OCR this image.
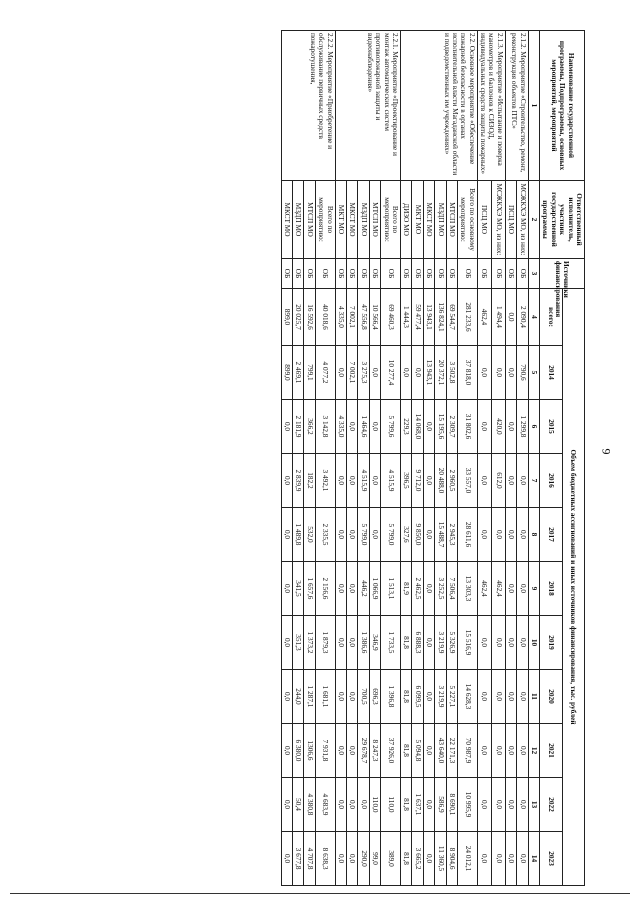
9
Наименование государственной программы, Подпрограммы, основных мероприятий, мероприятий	Ответственный исполнитель, участник государственной программы	Источники финансирования	Объем бюджетных ассигнований и иных источников финансирования, тыс. рублей										
			всего:	2014	2015	2016	2017	2018	2019	2020	2021	2022	2023
1	2	3	4	5	6	7	8	9	10	11	12	13	14
2.1.2. Мероприятие «Строительство, ремонт, реконструкция объектов ПТС»	МСЖКХЭ МО, из них:	ОБ	2 090,4	790,6	1 299,8	0,0	0,0	0,0	0,0	0,0	0,0	0,0	0,0
	ПСЦ МО	ОБ	0,0	0,0	0,0	0,0	0,0	0,0	0,0	0,0	0,0	0,0	0,0
2.1.3. Мероприятие «Испытание и поверка манометров и баллонов к СИЗОД, индивидуальных средств защиты пожарных»	МСЖКХЭ МО, из них:	ОБ	1 494,4	0,0	420,0	612,0	0,0	462,4	0,0	0,0	0,0	0,0	0,0
	ПСЦ МО	ОБ	462,4	0,0	0,0	0,0	0,0	462,4	0,0	0,0	0,0	0,0	0,0
2.2. Основное мероприятие «Обеспечение пожарной безопасности в органах исполнительной власти Магаданской области и подведомственных им учреждениях»	Всего по основному мероприятию:	ОБ	281 233,6	37 818,0	31 802,6	33 557,0	28 611,6	13 303,3	15 516,9	14 628,3	70 987,9	10 995,9	24 012,1
	МТСП МО	ОБ	69 544,7	3 502,8	2 309,7	2 960,5	2 945,3	7 506,4	5 326,9	5 227,1	22 171,3	8 690,1	8 904,6
	МЗДП МО	ОБ	136 824,1	20 372,1	15 195,6	20 488,0	15 488,7	3 252,5	3 219,9	3 219,9	43 640,0	586,9	11 360,5
	МКСТ МО	ОБ	13 943,1	13 943,1	0,0	0,0	0,0	0,0	0,0	0,0	0,0	0,0	0,0
	МКТ МО	ОБ	59 477,4	0,0	14 068,0	9 712,0	9 850,0	2 462,5	6 888,3	6 099,5	5 094,8	1 637,1	3 665,2
	ДИЗО МО	ОБ	1 444,3	0,0	229,3	396,5	327,6	81,9	81,8	81,8	81,8	81,8	81,8
2.2.1. Мероприятие «Проектирование и монтаж автоматических систем противопожарной защиты и видеонаблюдения»	Всего по мероприятию:	ОБ	69 460,3	10 277,4	5 799,6	4 515,9	5 799,0	1 513,1	1 733,5	1 396,8	37 926,0	110,0	389,0
	МТСП МО	ОБ	10 566,4	0,0	0,0	0,0	0,0	1 066,9	346,9	696,3	8 247,3	110,0	99,0
	МЗДП МО	ОБ	47 556,8	3 275,3	1 464,6	4 515,9	5 799,0	446,2	1 386,6	700,5	29 678,7	0,0	290,0
	МКСТ МО	ОБ	7 002,1	7 002,1	0,0	0,0	0,0	0,0	0,0	0,0	0,0	0,0	0,0
	МКТ МО	ОБ	4 335,0	0,0	4 335,0	0,0	0,0	0,0	0,0	0,0	0,0	0,0	0,0
2.2.2. Мероприятие «Приобретение и обслуживание первичных средств пожаротушения,	Всего по мероприятию:	ОБ	40 018,6	4 077,2	3 142,8	3 492,1	2 335,5	2 156,6	1 879,3	1 681,1	7 931,8	4 683,9	8 638,3
	МТСП МО	ОБ	16 592,6	799,1	366,2	182,2	532,0	1 657,6	1 373,2	1 287,1	1306,6	4 380,8	4 707,8
	МЗДП МО	ОБ	20 025,7	2 469,1	2 181,9	2 839,9	1 489,8	341,5	351,3	244,0	6 380,0	50,4	3 677,8
	МКСТ МО	ОБ	899,0	899,0	0,0	0,0	0,0	0,0	0,0	0,0	0,0	0,0	0,0
